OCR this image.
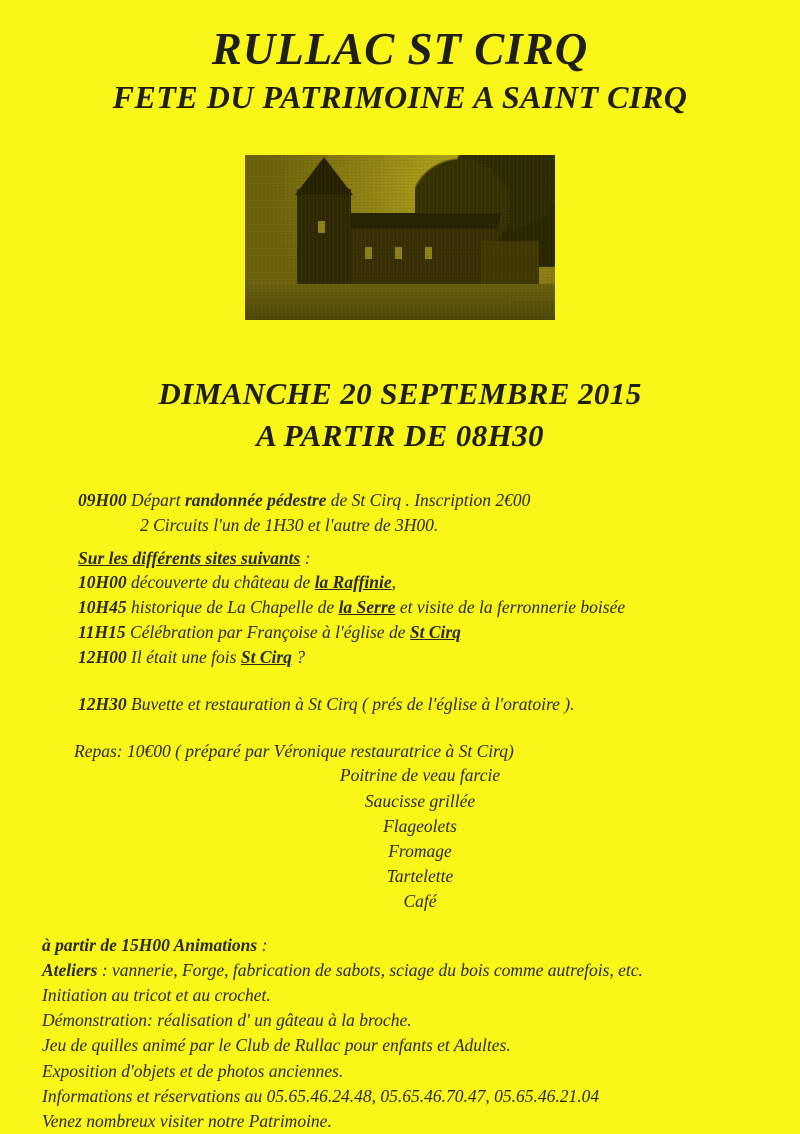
RULLAC ST CIRQ
FETE DU PATRIMOINE A SAINT CIRQ
DIMANCHE 20 SEPTEMBRE 2015
A PARTIR DE 08H30
09H00 Départ randonnée pédestre de St Cirq . Inscription 2€00
2 Circuits l'un de 1H30 et l'autre de 3H00.
Sur les différents sites suivants :
10H00 découverte du château de la Raffinie,
10H45 historique de La Chapelle de la Serre et visite de la ferronnerie boisée
11H15 Célébration par Françoise à l'église de St Cirq
12H00 Il était une fois St Cirq ?
12H30 Buvette et restauration à St Cirq ( prés de l'église à l'oratoire ).
Repas: 10€00 ( préparé par Véronique restauratrice à St Cirq)
Poitrine de veau farcie
Saucisse grillée
Flageolets
Fromage
Tartelette
Café
à partir de 15H00 Animations :
Ateliers : vannerie, Forge, fabrication de sabots, sciage du bois comme autrefois, etc.
Initiation au tricot et au crochet.
Démonstration: réalisation d' un gâteau à la broche.
Jeu de quilles animé par le Club de Rullac pour enfants et Adultes.
Exposition d'objets et de photos anciennes.
Informations et réservations au 05.65.46.24.48, 05.65.46.70.47, 05.65.46.21.04
Venez nombreux visiter notre Patrimoine.
